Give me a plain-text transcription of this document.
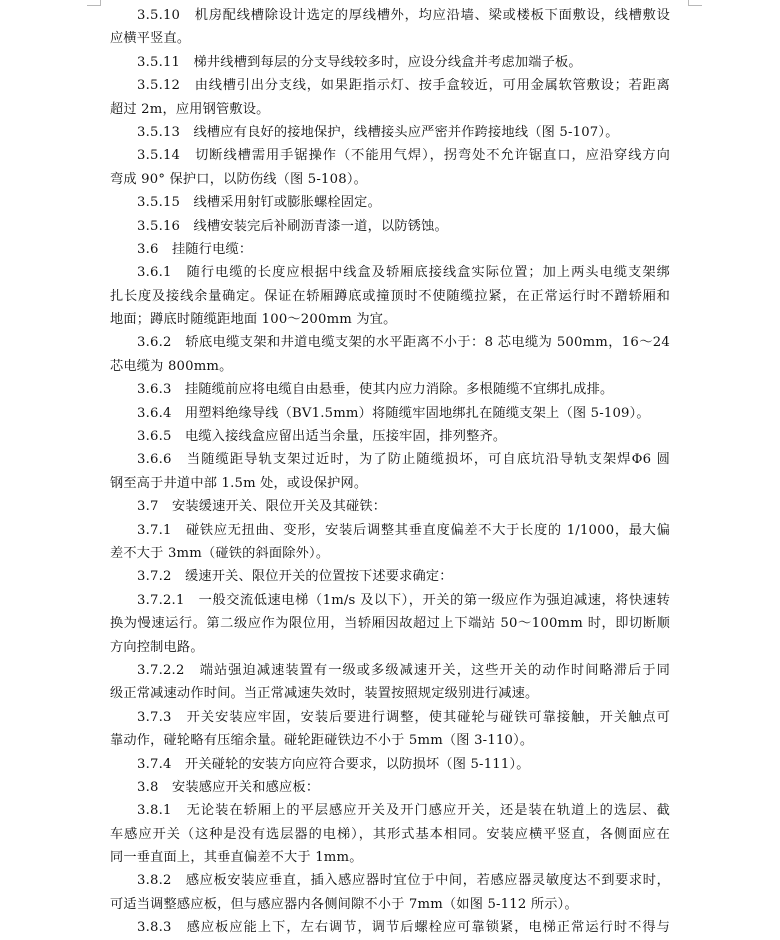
3.5.10　机房配线槽除设计选定的厚线槽外，均应沿墙、梁或楼板下面敷设，线槽敷设
应横平竖直。
3.5.11　梯井线槽到每层的分支导线较多时，应设分线盒并考虑加端子板。
3.5.12　由线槽引出分支线，如果距指示灯、按手盒较近，可用金属软管敷设；若距离
超过 2m，应用钢管敷设。
3.5.13　线槽应有良好的接地保护，线槽接头应严密并作跨接地线（图 5-107）。
3.5.14　切断线槽需用手锯操作（不能用气焊），拐弯处不允许锯直口，应沿穿线方向
弯成 90° 保护口，以防伤线（图 5-108）。
3.5.15　线槽采用射钉或膨胀螺栓固定。
3.5.16　线槽安装完后补刷沥青漆一道，以防锈蚀。
3.6　挂随行电缆：
3.6.1　随行电缆的长度应根据中线盒及轿厢底接线盒实际位置；加上两头电缆支架绑
扎长度及接线余量确定。保证在轿厢蹲底或撞顶时不使随缆拉紧，在正常运行时不蹭轿厢和
地面；蹲底时随缆距地面 100～200mm 为宜。
3.6.2　轿底电缆支架和井道电缆支架的水平距离不小于：8 芯电缆为 500mm，16～24
芯电缆为 800mm。
3.6.3　挂随缆前应将电缆自由悬垂，使其内应力消除。多根随缆不宜绑扎成排。
3.6.4　用塑料绝缘导线（BV1.5mm）将随缆牢固地绑扎在随缆支架上（图 5-109）。
3.6.5　电缆入接线盒应留出适当余量，压接牢固，排列整齐。
3.6.6　当随缆距导轨支架过近时，为了防止随缆损坏，可自底坑沿导轨支架焊Φ6 圆
钢至高于井道中部 1.5m 处，或设保护网。
3.7　安装缓速开关、限位开关及其碰铁：
3.7.1　碰铁应无扭曲、变形，安装后调整其垂直度偏差不大于长度的 1/1000，最大偏
差不大于 3mm（碰铁的斜面除外）。
3.7.2　缓速开关、限位开关的位置按下述要求确定：
3.7.2.1　一般交流低速电梯（1m/s 及以下），开关的第一级应作为强迫减速，将快速转
换为慢速运行。第二级应作为限位用，当轿厢因故超过上下端站 50～100mm 时，即切断顺
方向控制电路。
3.7.2.2　端站强迫减速装置有一级或多级减速开关，这些开关的动作时间略滞后于同
级正常减速动作时间。当正常减速失效时，装置按照规定级别进行减速。
3.7.3　开关安装应牢固，安装后要进行调整，使其碰轮与碰铁可靠接触，开关触点可
靠动作，碰轮略有压缩余量。碰轮距碰铁边不小于 5mm（图 3-110）。
3.7.4　开关碰轮的安装方向应符合要求，以防损坏（图 5-111）。
3.8　安装感应开关和感应板：
3.8.1　无论装在轿厢上的平层感应开关及开门感应开关，还是装在轨道上的选层、截
车感应开关（这种是没有选层器的电梯），其形式基本相同。安装应横平竖直，各侧面应在
同一垂直面上，其垂直偏差不大于 1mm。
3.8.2　感应板安装应垂直，插入感应器时宜位于中间，若感应器灵敏度达不到要求时，
可适当调整感应板，但与感应器内各侧间隙不小于 7mm（如图 5-112 所示）。
3.8.3　感应板应能上下，左右调节，调节后螺栓应可靠锁紧，电梯正常运行时不得与
